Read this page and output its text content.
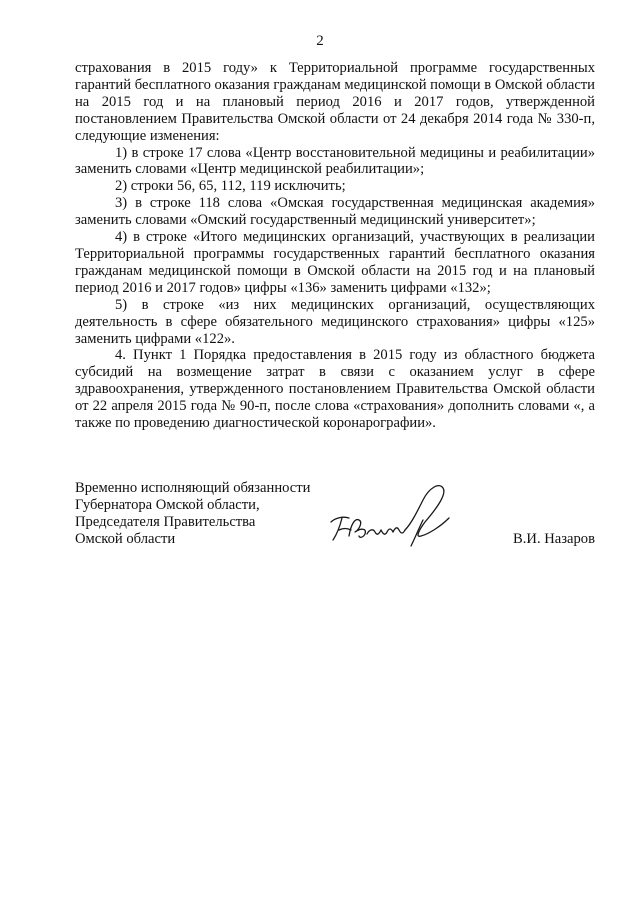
2

страхования в 2015 году» к Территориальной программе государственных гарантий бесплатного оказания гражданам медицинской помощи в Омской области на 2015 год и на плановый период 2016 и 2017 годов, утвержденной постановлением Правительства Омской области от 24 декабря 2014 года № 330-п, следующие изменения:

1) в строке 17 слова «Центр восстановительной медицины и реабилитации» заменить словами «Центр медицинской реабилитации»;

2) строки 56, 65, 112, 119 исключить;

3) в строке 118 слова «Омская государственная медицинская академия» заменить словами «Омский государственный медицинский университет»;

4) в строке «Итого медицинских организаций, участвующих в реализации Территориальной программы государственных гарантий бесплатного оказания гражданам медицинской помощи в Омской области на 2015 год и на плановый период 2016 и 2017 годов» цифры «136» заменить цифрами «132»;

5) в строке «из них медицинских организаций, осуществляющих деятельность в сфере обязательного медицинского страхования» цифры «125» заменить цифрами «122».

4. Пункт 1 Порядка предоставления в 2015 году из областного бюджета субсидий на возмещение затрат в связи с оказанием услуг в сфере здравоохранения, утвержденного постановлением Правительства Омской области от 22 апреля 2015 года № 90-п, после слова «страхования» дополнить словами «, а также по проведению диагностической коронарографии».

Временно исполняющий обязанности
Губернатора Омской области,
Председателя Правительства
Омской области	В.И. Назаров
